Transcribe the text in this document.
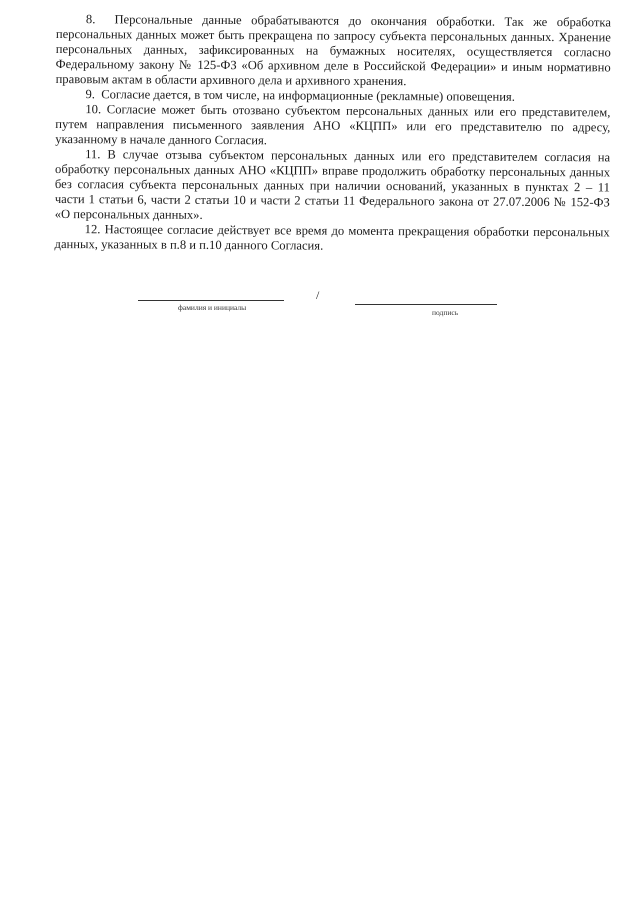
8. Персональные данные обрабатываются до окончания обработки. Так же обработка персональных данных может быть прекращена по запросу субъекта персональных данных. Хранение персональных данных, зафиксированных на бумажных носителях, осуществляется согласно Федеральному закону № 125-ФЗ «Об архивном деле в Российской Федерации» и иным нормативно правовым актам в области архивного дела и архивного хранения.

9. Согласие дается, в том числе, на информационные (рекламные) оповещения.

10. Согласие может быть отозвано субъектом персональных данных или его представителем, путем направления письменного заявления АНО «КЦПП» или его представителю по адресу, указанному в начале данного Согласия.

11. В случае отзыва субъектом персональных данных или его представителем согласия на обработку персональных данных АНО «КЦПП» вправе продолжить обработку персональных данных без согласия субъекта персональных данных при наличии оснований, указанных в пунктах 2 – 11 части 1 статьи 6, части 2 статьи 10 и части 2 статьи 11 Федерального закона от 27.07.2006 № 152-ФЗ «О персональных данных».

12. Настоящее согласие действует все время до момента прекращения обработки персональных данных, указанных в п.8 и п.10 данного Согласия.

фамилия и инициалы
/
подпись
